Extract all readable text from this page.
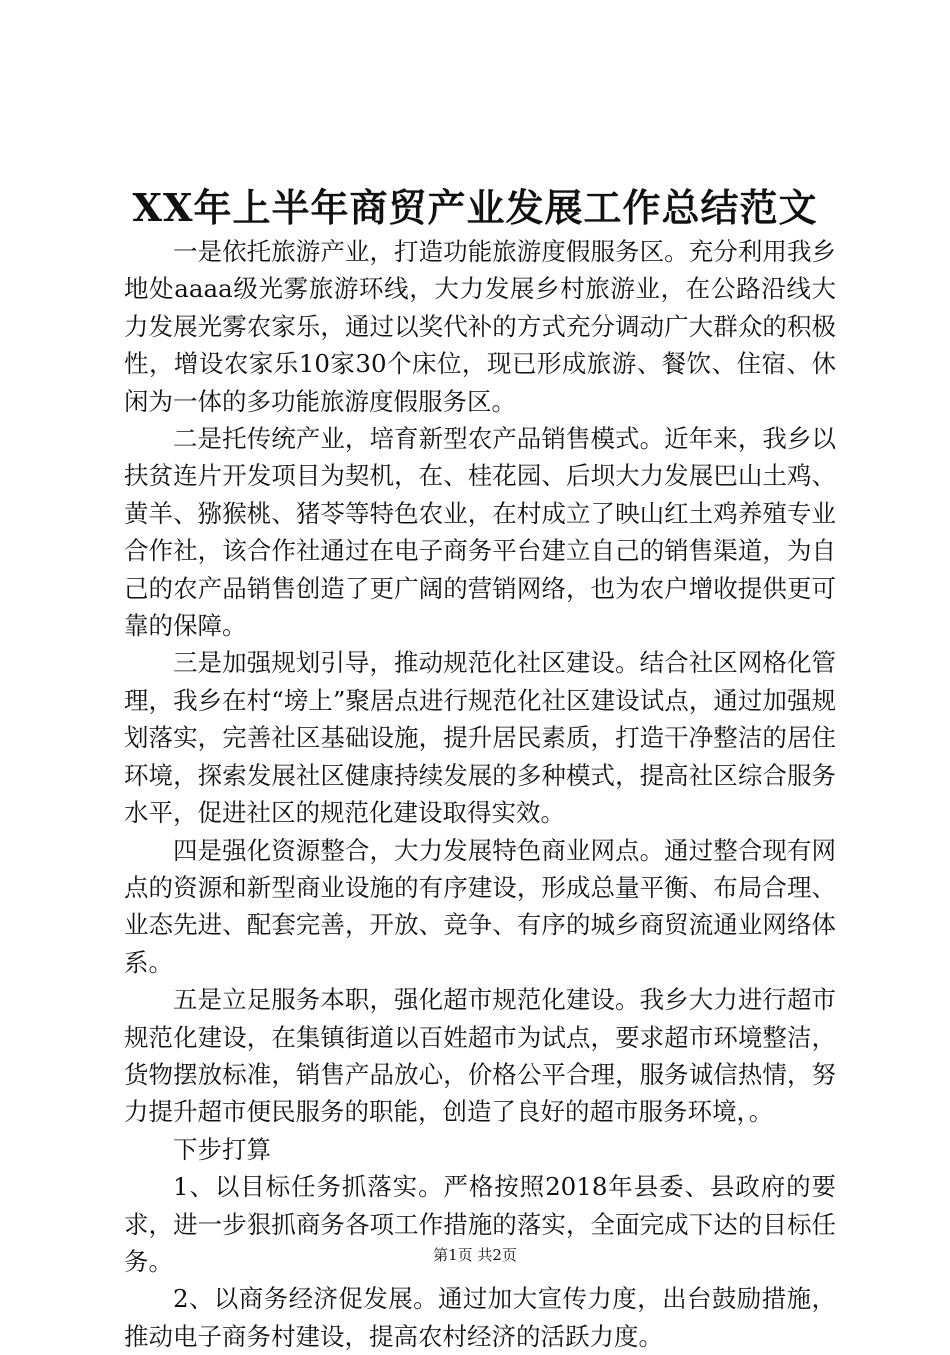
XX年上半年商贸产业发展工作总结范文

一是依托旅游产业，打造功能旅游度假服务区。充分利用我乡地处aaaa级光雾旅游环线，大力发展乡村旅游业，在公路沿线大力发展光雾农家乐，通过以奖代补的方式充分调动广大群众的积极性，增设农家乐10家30个床位，现已形成旅游、餐饮、住宿、休闲为一体的多功能旅游度假服务区。

二是托传统产业，培育新型农产品销售模式。近年来，我乡以扶贫连片开发项目为契机，在、桂花园、后坝大力发展巴山土鸡、黄羊、猕猴桃、猪苓等特色农业，在村成立了映山红土鸡养殖专业合作社，该合作社通过在电子商务平台建立自己的销售渠道，为自己的农产品销售创造了更广阔的营销网络，也为农户增收提供更可靠的保障。

三是加强规划引导，推动规范化社区建设。结合社区网格化管理，我乡在村“塝上”聚居点进行规范化社区建设试点，通过加强规划落实，完善社区基础设施，提升居民素质，打造干净整洁的居住环境，探索发展社区健康持续发展的多种模式，提高社区综合服务水平，促进社区的规范化建设取得实效。

四是强化资源整合，大力发展特色商业网点。通过整合现有网点的资源和新型商业设施的有序建设，形成总量平衡、布局合理、业态先进、配套完善，开放、竞争、有序的城乡商贸流通业网络体系。

五是立足服务本职，强化超市规范化建设。我乡大力进行超市规范化建设，在集镇街道以百姓超市为试点，要求超市环境整洁，货物摆放标准，销售产品放心，价格公平合理，服务诚信热情，努力提升超市便民服务的职能，创造了良好的超市服务环境，。

下步打算

1、以目标任务抓落实。严格按照2018年县委、县政府的要求，进一步狠抓商务各项工作措施的落实，全面完成下达的目标任务。

2、以商务经济促发展。通过加大宣传力度，出台鼓励措施，推动电子商务村建设，提高农村经济的活跃力度。

第1页 共2页
